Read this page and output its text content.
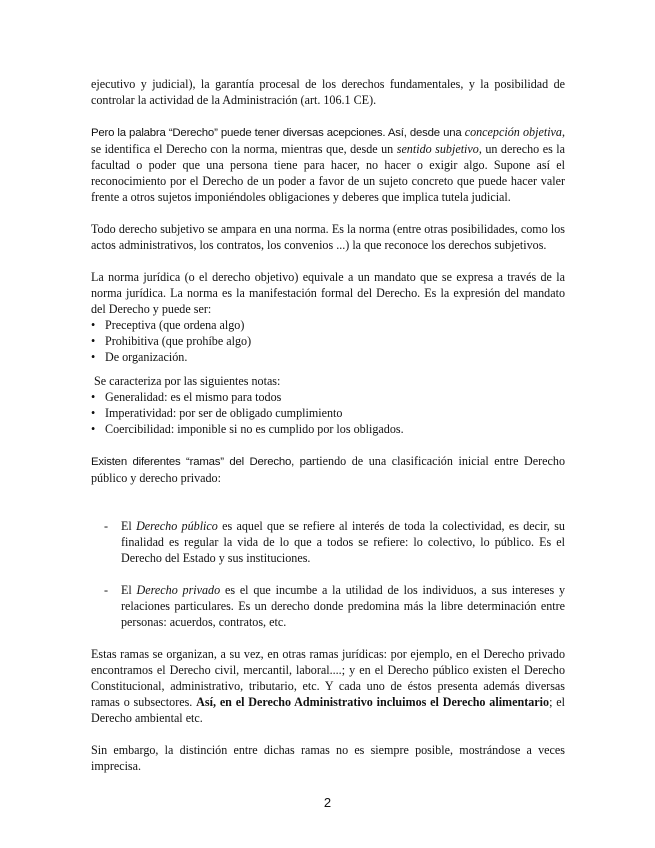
ejecutivo y judicial), la garantía procesal de los derechos fundamentales, y la posibilidad de controlar la actividad de la Administración (art. 106.1 CE).

Pero la palabra “Derecho” puede tener diversas acepciones. Así, desde una concepción objetiva, se identifica el Derecho con la norma, mientras que, desde un sentido subjetivo, un derecho es la facultad o poder que una persona tiene para hacer, no hacer o exigir algo. Supone así el reconocimiento por el Derecho de un poder a favor de un sujeto concreto que puede hacer valer frente a otros sujetos imponiéndoles obligaciones y deberes que implica tutela judicial.

Todo derecho subjetivo se ampara en una norma. Es la norma (entre otras posibilidades, como los actos administrativos, los contratos, los convenios ...) la que reconoce los derechos subjetivos.

La norma jurídica (o el derecho objetivo) equivale a un mandato que se expresa a través de la norma jurídica. La norma es la manifestación formal del Derecho. Es la expresión del mandato del Derecho y puede ser:

• Preceptiva (que ordena algo)
• Prohibitiva (que prohíbe algo)
• De organización.

Se caracteriza por las siguientes notas:

• Generalidad: es el mismo para todos
• Imperatividad: por ser de obligado cumplimiento
• Coercibilidad: imponible si no es cumplido por los obligados.

Existen diferentes “ramas” del Derecho, partiendo de una clasificación inicial entre Derecho público y derecho privado:

- El Derecho público es aquel que se refiere al interés de toda la colectividad, es decir, su finalidad es regular la vida de lo que a todos se refiere: lo colectivo, lo público. Es el Derecho del Estado y sus instituciones.
- El Derecho privado es el que incumbe a la utilidad de los individuos, a sus intereses y relaciones particulares. Es un derecho donde predomina más la libre determinación entre personas: acuerdos, contratos, etc.

Estas ramas se organizan, a su vez, en otras ramas jurídicas: por ejemplo, en el Derecho privado encontramos el Derecho civil, mercantil, laboral....; y en el Derecho público existen el Derecho Constitucional, administrativo, tributario, etc. Y cada uno de éstos presenta además diversas ramas o subsectores. Así, en el Derecho Administrativo incluimos el Derecho alimentario; el Derecho ambiental etc.

Sin embargo, la distinción entre dichas ramas no es siempre posible, mostrándose a veces imprecisa.

2
